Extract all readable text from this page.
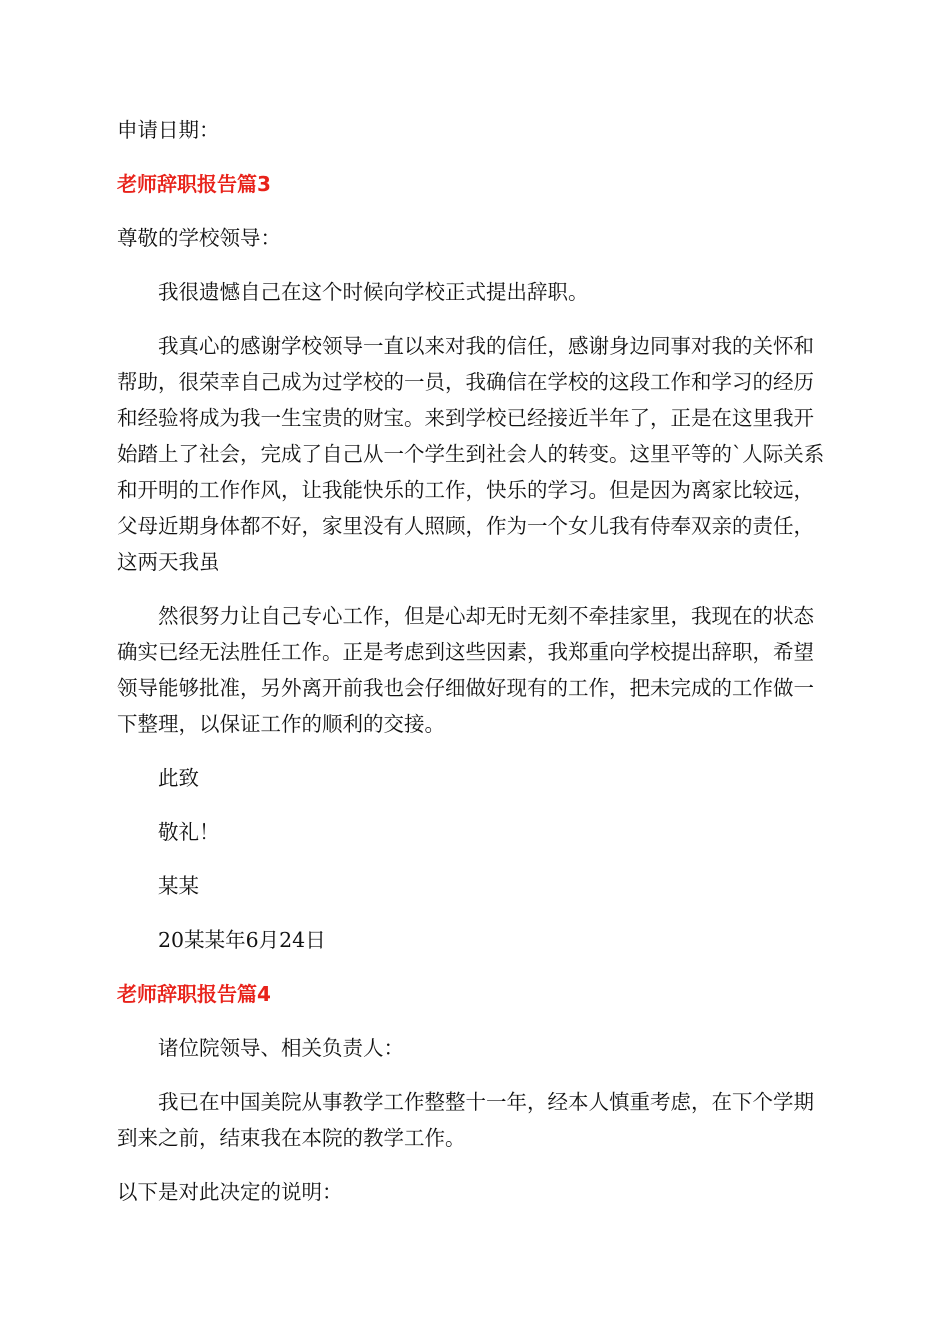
申请日期：

老师辞职报告篇3

尊敬的学校领导：

我很遗憾自己在这个时候向学校正式提出辞职。

我真心的感谢学校领导一直以来对我的信任，感谢身边同事对我的关怀和帮助，很荣幸自己成为过学校的一员，我确信在学校的这段工作和学习的经历和经验将成为我一生宝贵的财宝。来到学校已经接近半年了，正是在这里我开始踏上了社会，完成了自己从一个学生到社会人的转变。这里平等的`人际关系和开明的工作作风，让我能快乐的工作，快乐的学习。但是因为离家比较远，父母近期身体都不好，家里没有人照顾，作为一个女儿我有侍奉双亲的责任，这两天我虽

然很努力让自己专心工作，但是心却无时无刻不牵挂家里，我现在的状态确实已经无法胜任工作。正是考虑到这些因素，我郑重向学校提出辞职，希望领导能够批准，另外离开前我也会仔细做好现有的工作，把未完成的工作做一下整理，以保证工作的顺利的交接。

此致

敬礼！

某某

20某某年6月24日

老师辞职报告篇4

诸位院领导、相关负责人：

我已在中国美院从事教学工作整整十一年，经本人慎重考虑，在下个学期到来之前，结束我在本院的教学工作。

以下是对此决定的说明：
